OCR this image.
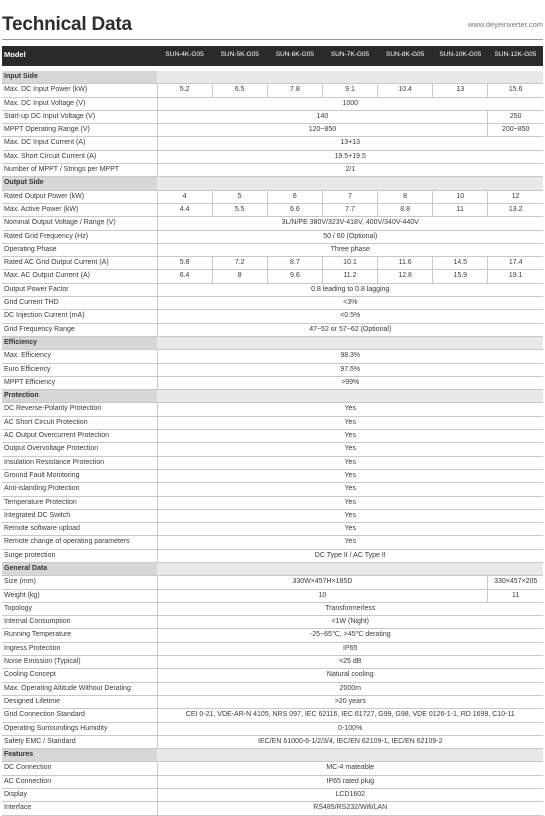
Technical Data	www.deyeinverter.com
Model	SUN-4K-G05	SUN-5K-G05	SUN-6K-G05	SUN-7K-G05	SUN-8K-G05	SUN-10K-G05	SUN-12K-G05

Input Side							
Max. DC Input Power (kW)	5.2	6.5	7.8	9.1	10.4	13	15.6
Max. DC Input Voltage (V)	1000						
Start-up DC Input Voltage (V)	140						250
MPPT Operating Range (V)	120~850						200~850
Max. DC Input Current (A)	13+13						
Max. Short Circuit Current (A)	19.5+19.5						
Number of MPPT / Strings per MPPT	2/1						
Output Side							
Rated Output Power (kW)	4	5	6	7	8	10	12
Max. Active Power (kW)	4.4	5.5	6.6	7.7	8.8	11	13.2
Nominal Output Voltage / Range (V)	3L/N/PE 380V/323V-418V, 400V/340V-440V						
Rated Grid Frequency (Hz)	50 / 60 (Optional)						
Operating Phase	Three phase						
Rated AC Grid Output Current (A)	5.8	7.2	8.7	10.1	11.6	14.5	17.4
Max. AC Output Current (A)	6.4	8	9.6	11.2	12.8	15.9	19.1
Output Power Factor	0.8 leading to 0.8 lagging						
Grid Current THD	<3%						
DC Injection Current (mA)	<0.5%						
Grid Frequency Range	47~52 or 57~62 (Optional)						
Efficiency							
Max. Efficiency	98.3%						
Euro Efficiency	97.5%						
MPPT Efficiency	>99%						
Protection							
DC Reverse-Polarity Protection	Yes						
AC Short Circuit Protection	Yes						
AC Output Overcurrent Protection	Yes						
Output Overvoltage Protection	Yes						
Insulation Resistance Protection	Yes						
Ground Fault Monitoring	Yes						
Anti-islanding Protection	Yes						
Temperature Protection	Yes						
Integrated DC Switch	Yes						
Remote software upload	Yes						
Remote change of operating parameters	Yes						
Surge protection	DC Type II / AC Type II						
General Data							
Size (mm)	330W×457H×185D						330×457×205
Weight (kg)	10						11
Topology	Transformerless						
Internal Consumption	<1W (Night)						
Running Temperature	-25~65℃, >45℃ derating						
Ingress Protection	IP65						
Noise Emission (Typical)	<25 dB						
Cooling Concept	Natural cooling						
Max. Operating Altitude Without Derating	2000m						
Designed Lifetime	>20 years						
Grid Connection Standard	CEI 0-21, VDE-AR-N 4105, NRS 097, IEC 62116, IEC 61727, G99, G98, VDE 0126-1-1, RD 1699, C10-11						
Operating Surroundings Humidity	0-100%						
Safety EMC / Standard	IEC/EN 61000-6-1/2/3/4, IEC/EN 62109-1, IEC/EN 62109-2						
Features							
DC Connection	MC-4 mateable						
AC Connection	IP65 rated plug						
Display	LCD1602						
Interface	RS485/RS232/Wifi/LAN						
